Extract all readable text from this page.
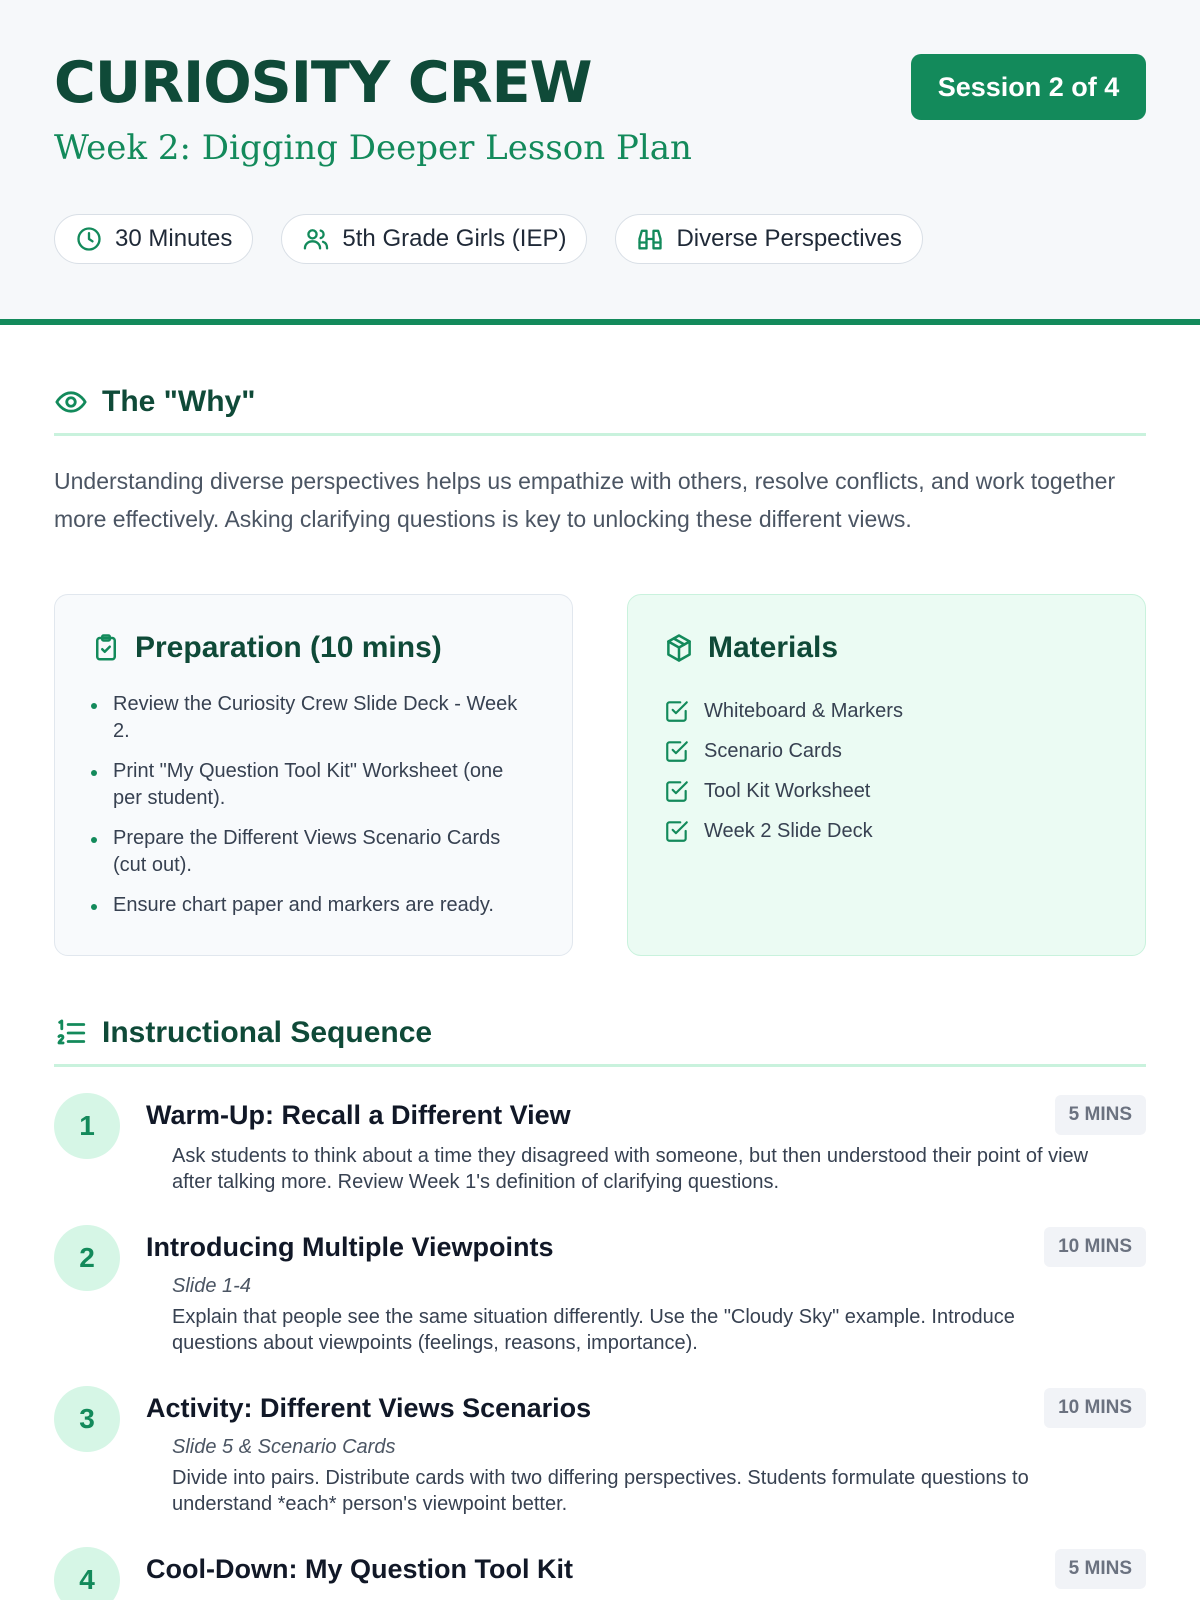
CURIOSITY CREW
Week 2: Digging Deeper Lesson Plan
Session 2 of 4
30 Minutes	5th Grade Girls (IEP)	Diverse Perspectives
The "Why"

Understanding diverse perspectives helps us empathize with others, resolve conflicts, and work together more effectively. Asking clarifying questions is key to unlocking these different views.

Preparation (10 mins)
Review the Curiosity Crew Slide Deck - Week 2.
Print "My Question Tool Kit" Worksheet (one per student).
Prepare the Different Views Scenario Cards (cut out).
Ensure chart paper and markers are ready.
Materials
Whiteboard & Markers
Scenario Cards
Tool Kit Worksheet
Week 2 Slide Deck
Instructional Sequence
1	Warm-Up: Recall a Different View	5 MINS

Ask students to think about a time they disagreed with someone, but then understood their point of view after talking more. Review Week 1's definition of clarifying questions.

2	Introducing Multiple Viewpoints	10 MINS
Slide 1-4

Explain that people see the same situation differently. Use the "Cloudy Sky" example. Introduce questions about viewpoints (feelings, reasons, importance).

3	Activity: Different Views Scenarios	10 MINS
Slide 5 & Scenario Cards

Divide into pairs. Distribute cards with two differing perspectives. Students formulate questions to understand *each* person's viewpoint better.

4	Cool-Down: My Question Tool Kit	5 MINS
